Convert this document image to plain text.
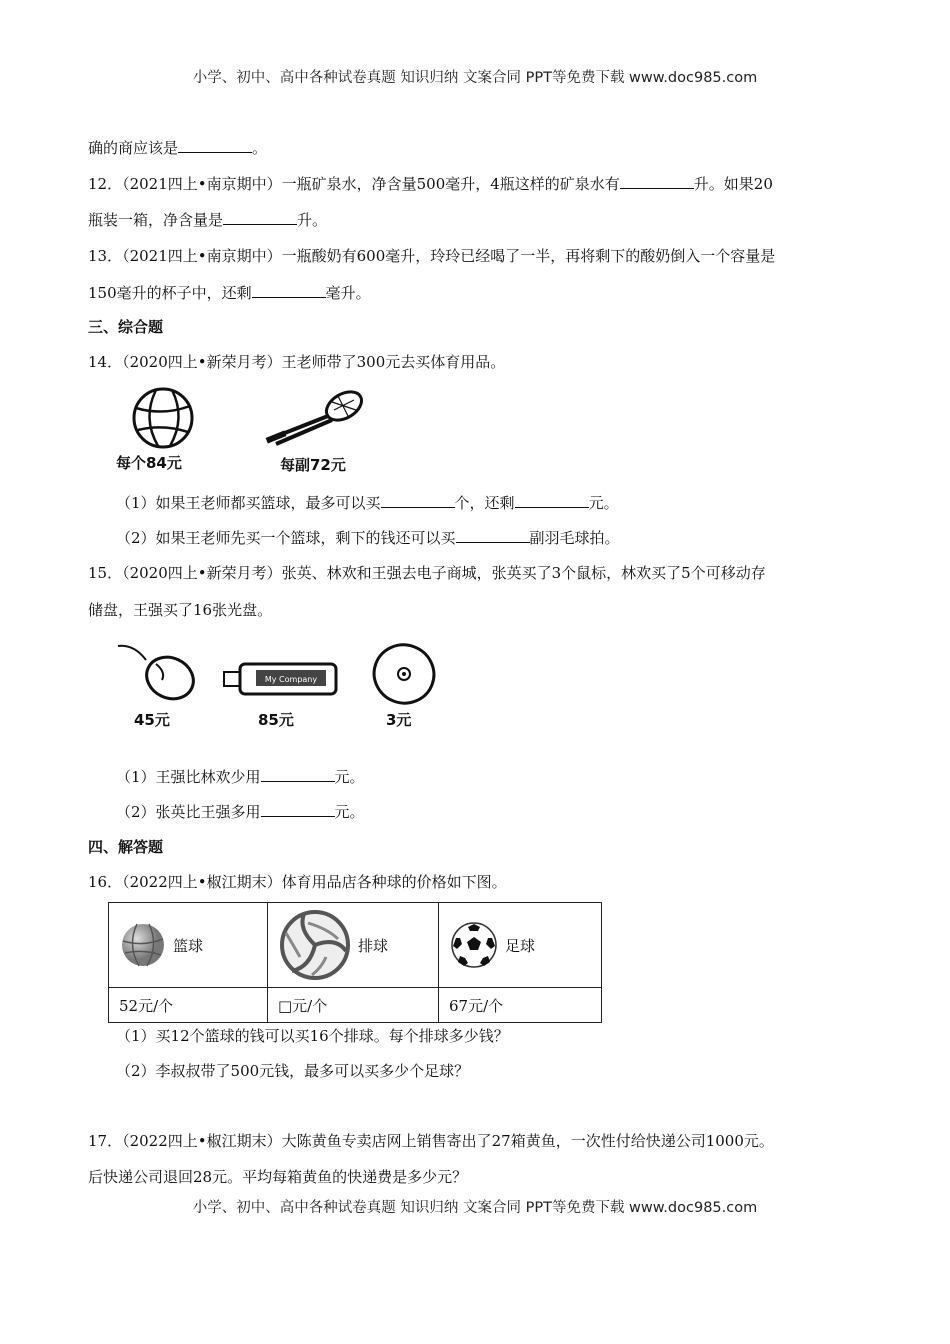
小学、初中、高中各种试卷真题 知识归纳 文案合同 PPT等免费下载 www.doc985.com
确的商应该是	。
12．（2021四上•南京期中）一瓶矿泉水，净含量500毫升，4瓶这样的矿泉水有	升。如果20
瓶装一箱，净含量是	升。
13．（2021四上•南京期中）一瓶酸奶有600毫升，玲玲已经喝了一半，再将剩下的酸奶倒入一个容量是
150毫升的杯子中，还剩	毫升。
三、综合题
14．（2020四上•新荣月考）王老师带了300元去买体育用品。
每个84元	每副72元
（1）如果王老师都买篮球，最多可以买	个，还剩	元。
（2）如果王老师先买一个篮球，剩下的钱还可以买	副羽毛球拍。
15．（2020四上•新荣月考）张英、林欢和王强去电子商城，张英买了3个鼠标，林欢买了5个可移动存
储盘，王强买了16张光盘。
45元
My Company
85元	3元
（1）王强比林欢少用	元。
（2）张英比王强多用	元。
四、解答题
16．（2022四上•椒江期末）体育用品店各种球的价格如下图。
篮球	排球	足球

52元/个	□元/个	67元/个
（1）买12个篮球的钱可以买16个排球。每个排球多少钱？
（2）李叔叔带了500元钱，最多可以买多少个足球？
17．（2022四上•椒江期末）大陈黄鱼专卖店网上销售寄出了27箱黄鱼，一次性付给快递公司1000元。
后快递公司退回28元。平均每箱黄鱼的快递费是多少元？
小学、初中、高中各种试卷真题 知识归纳 文案合同 PPT等免费下载 www.doc985.com
